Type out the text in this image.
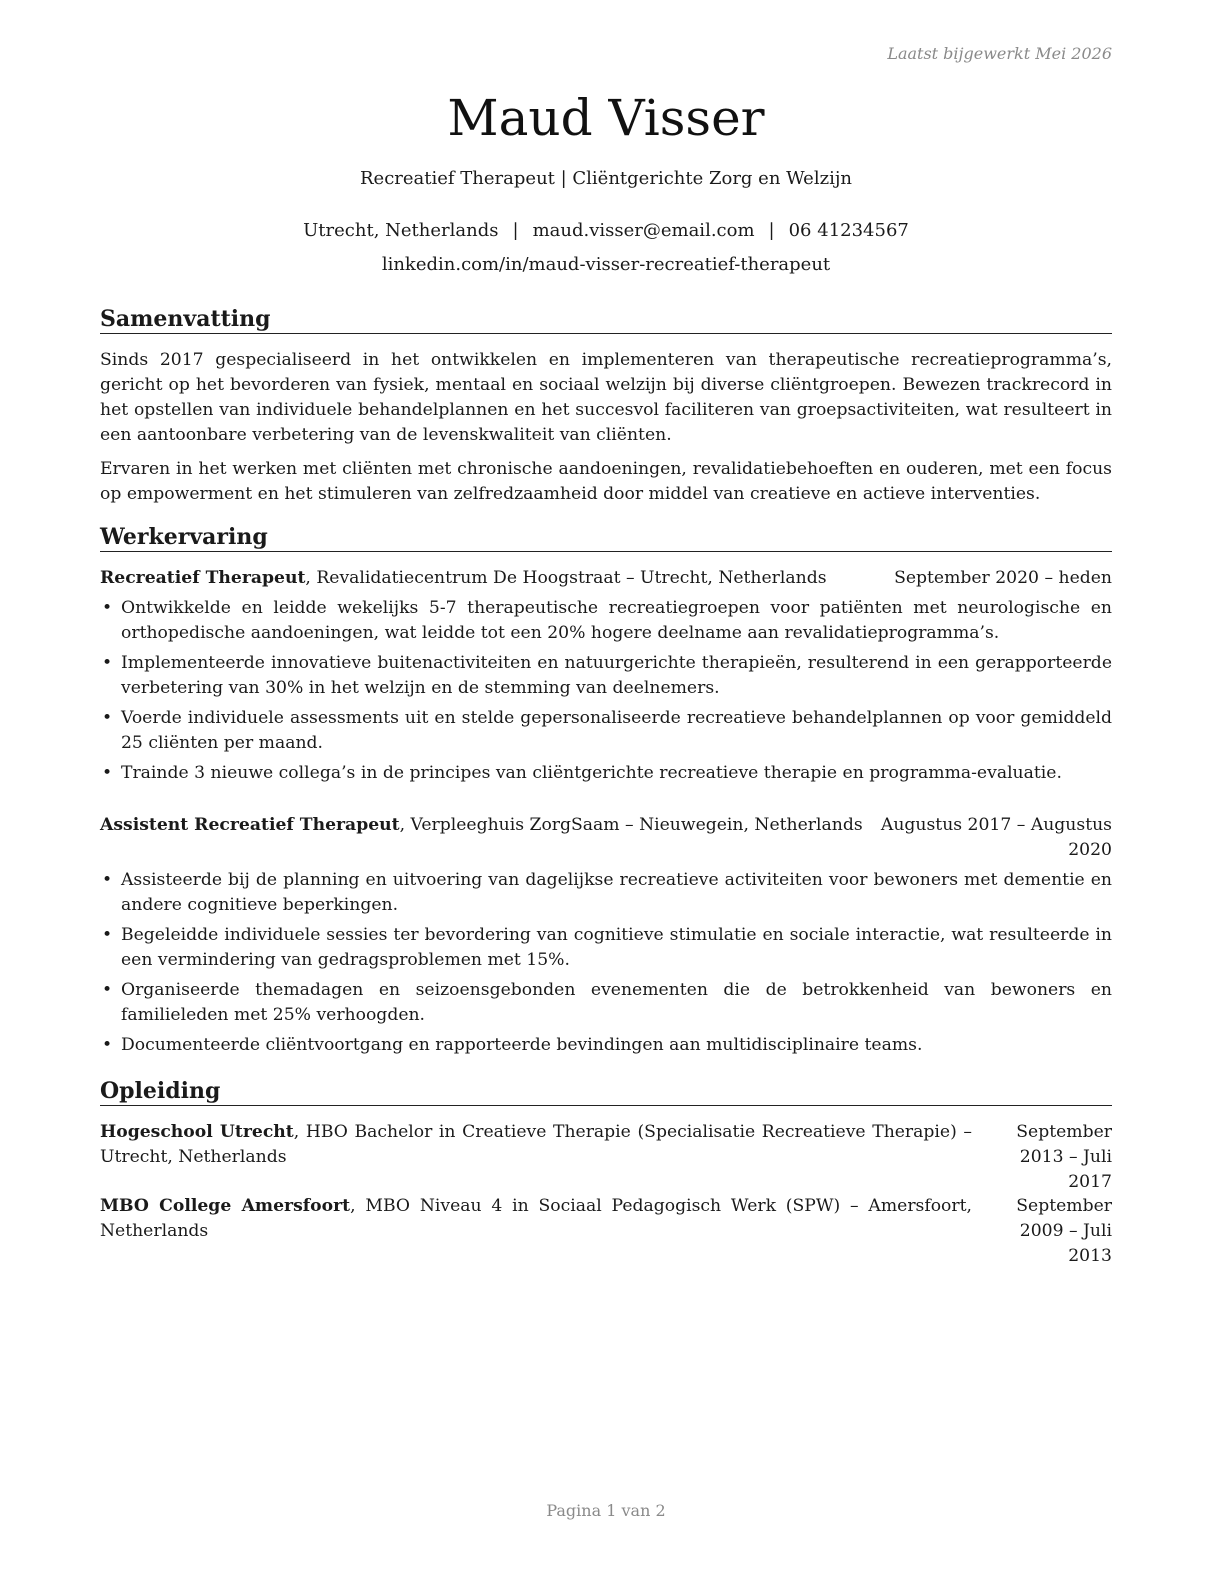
Laatst bijgewerkt Mei 2026
Maud Visser
Recreatief Therapeut | Cliëntgerichte Zorg en Welzijn
Utrecht, Netherlands | maud.visser@email.com | 06 41234567
linkedin.com/in/maud-visser-recreatief-therapeut
Samenvatting
Sinds 2017 gespecialiseerd in het ontwikkelen en implementeren van therapeutische recreatieprogramma’s, gericht op het bevorderen van fysiek, mentaal en sociaal welzijn bij diverse cliëntgroepen. Bewezen trackrecord in het opstellen van individuele behandelplannen en het succesvol faciliteren van groepsactiviteiten, wat resulteert in een aantoonbare verbetering van de levenskwaliteit van cliënten.
Ervaren in het werken met cliënten met chronische aandoeningen, revalidatiebehoeften en ouderen, met een focus op empowerment en het stimuleren van zelfredzaamheid door middel van creatieve en actieve interventies.
Werkervaring
Recreatief Therapeut, Revalidatiecentrum De Hoogstraat – Utrecht, Netherlands	September 2020 – heden
• Ontwikkelde en leidde wekelijks 5-7 therapeutische recreatiegroepen voor patiënten met neurologische en orthopedische aandoeningen, wat leidde tot een 20% hogere deelname aan revalidatieprogramma’s.
• Implementeerde innovatieve buitenactiviteiten en natuurgerichte therapieën, resulterend in een gerapporteerde verbetering van 30% in het welzijn en de stemming van deelnemers.
• Voerde individuele assessments uit en stelde gepersonaliseerde recreatieve behandelplannen op voor gemiddeld 25 cliënten per maand.
• Trainde 3 nieuwe collega’s in de principes van cliëntgerichte recreatieve therapie en programma-evaluatie.
Assistent Recreatief Therapeut, Verpleeghuis ZorgSaam – Nieuwegein, Netherlands	Augustus 2017 – Augustus 2020
• Assisteerde bij de planning en uitvoering van dagelijkse recreatieve activiteiten voor bewoners met dementie en andere cognitieve beperkingen.
• Begeleidde individuele sessies ter bevordering van cognitieve stimulatie en sociale interactie, wat resulteerde in een vermindering van gedragsproblemen met 15%.
• Organiseerde themadagen en seizoensgebonden evenementen die de betrokkenheid van bewoners en familieleden met 25% verhoogden.
• Documenteerde cliëntvoortgang en rapporteerde bevindingen aan multidisciplinaire teams.
Opleiding
Hogeschool Utrecht, HBO Bachelor in Creatieve Therapie (Specialisatie Recreatieve Therapie) – Utrecht, Netherlands
September 2013 – Juli 2017
MBO College Amersfoort, MBO Niveau 4 in Sociaal Pedagogisch Werk (SPW) – Amersfoort, Netherlands
September 2009 – Juli 2013
Pagina 1 van 2
